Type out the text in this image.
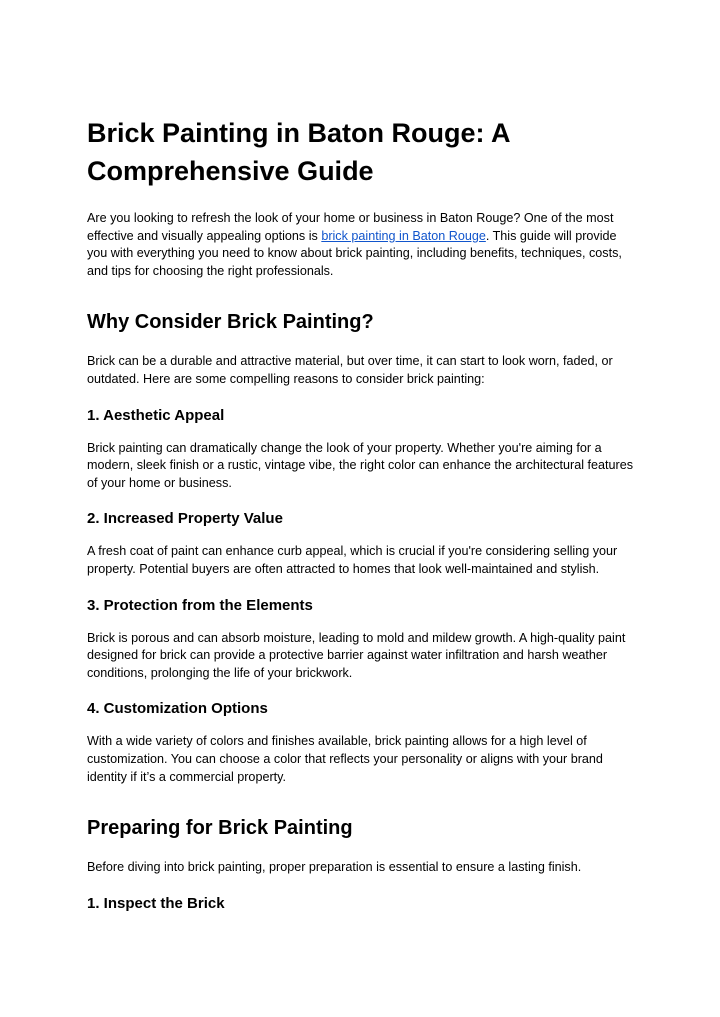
Brick Painting in Baton Rouge: A Comprehensive Guide

Are you looking to refresh the look of your home or business in Baton Rouge? One of the most effective and visually appealing options is brick painting in Baton Rouge. This guide will provide you with everything you need to know about brick painting, including benefits, techniques, costs, and tips for choosing the right professionals.

Why Consider Brick Painting?

Brick can be a durable and attractive material, but over time, it can start to look worn, faded, or outdated. Here are some compelling reasons to consider brick painting:

1. Aesthetic Appeal

Brick painting can dramatically change the look of your property. Whether you're aiming for a modern, sleek finish or a rustic, vintage vibe, the right color can enhance the architectural features of your home or business.

2. Increased Property Value

A fresh coat of paint can enhance curb appeal, which is crucial if you're considering selling your property. Potential buyers are often attracted to homes that look well-maintained and stylish.

3. Protection from the Elements

Brick is porous and can absorb moisture, leading to mold and mildew growth. A high-quality paint designed for brick can provide a protective barrier against water infiltration and harsh weather conditions, prolonging the life of your brickwork.

4. Customization Options

With a wide variety of colors and finishes available, brick painting allows for a high level of customization. You can choose a color that reflects your personality or aligns with your brand identity if it’s a commercial property.

Preparing for Brick Painting

Before diving into brick painting, proper preparation is essential to ensure a lasting finish.

1. Inspect the Brick
